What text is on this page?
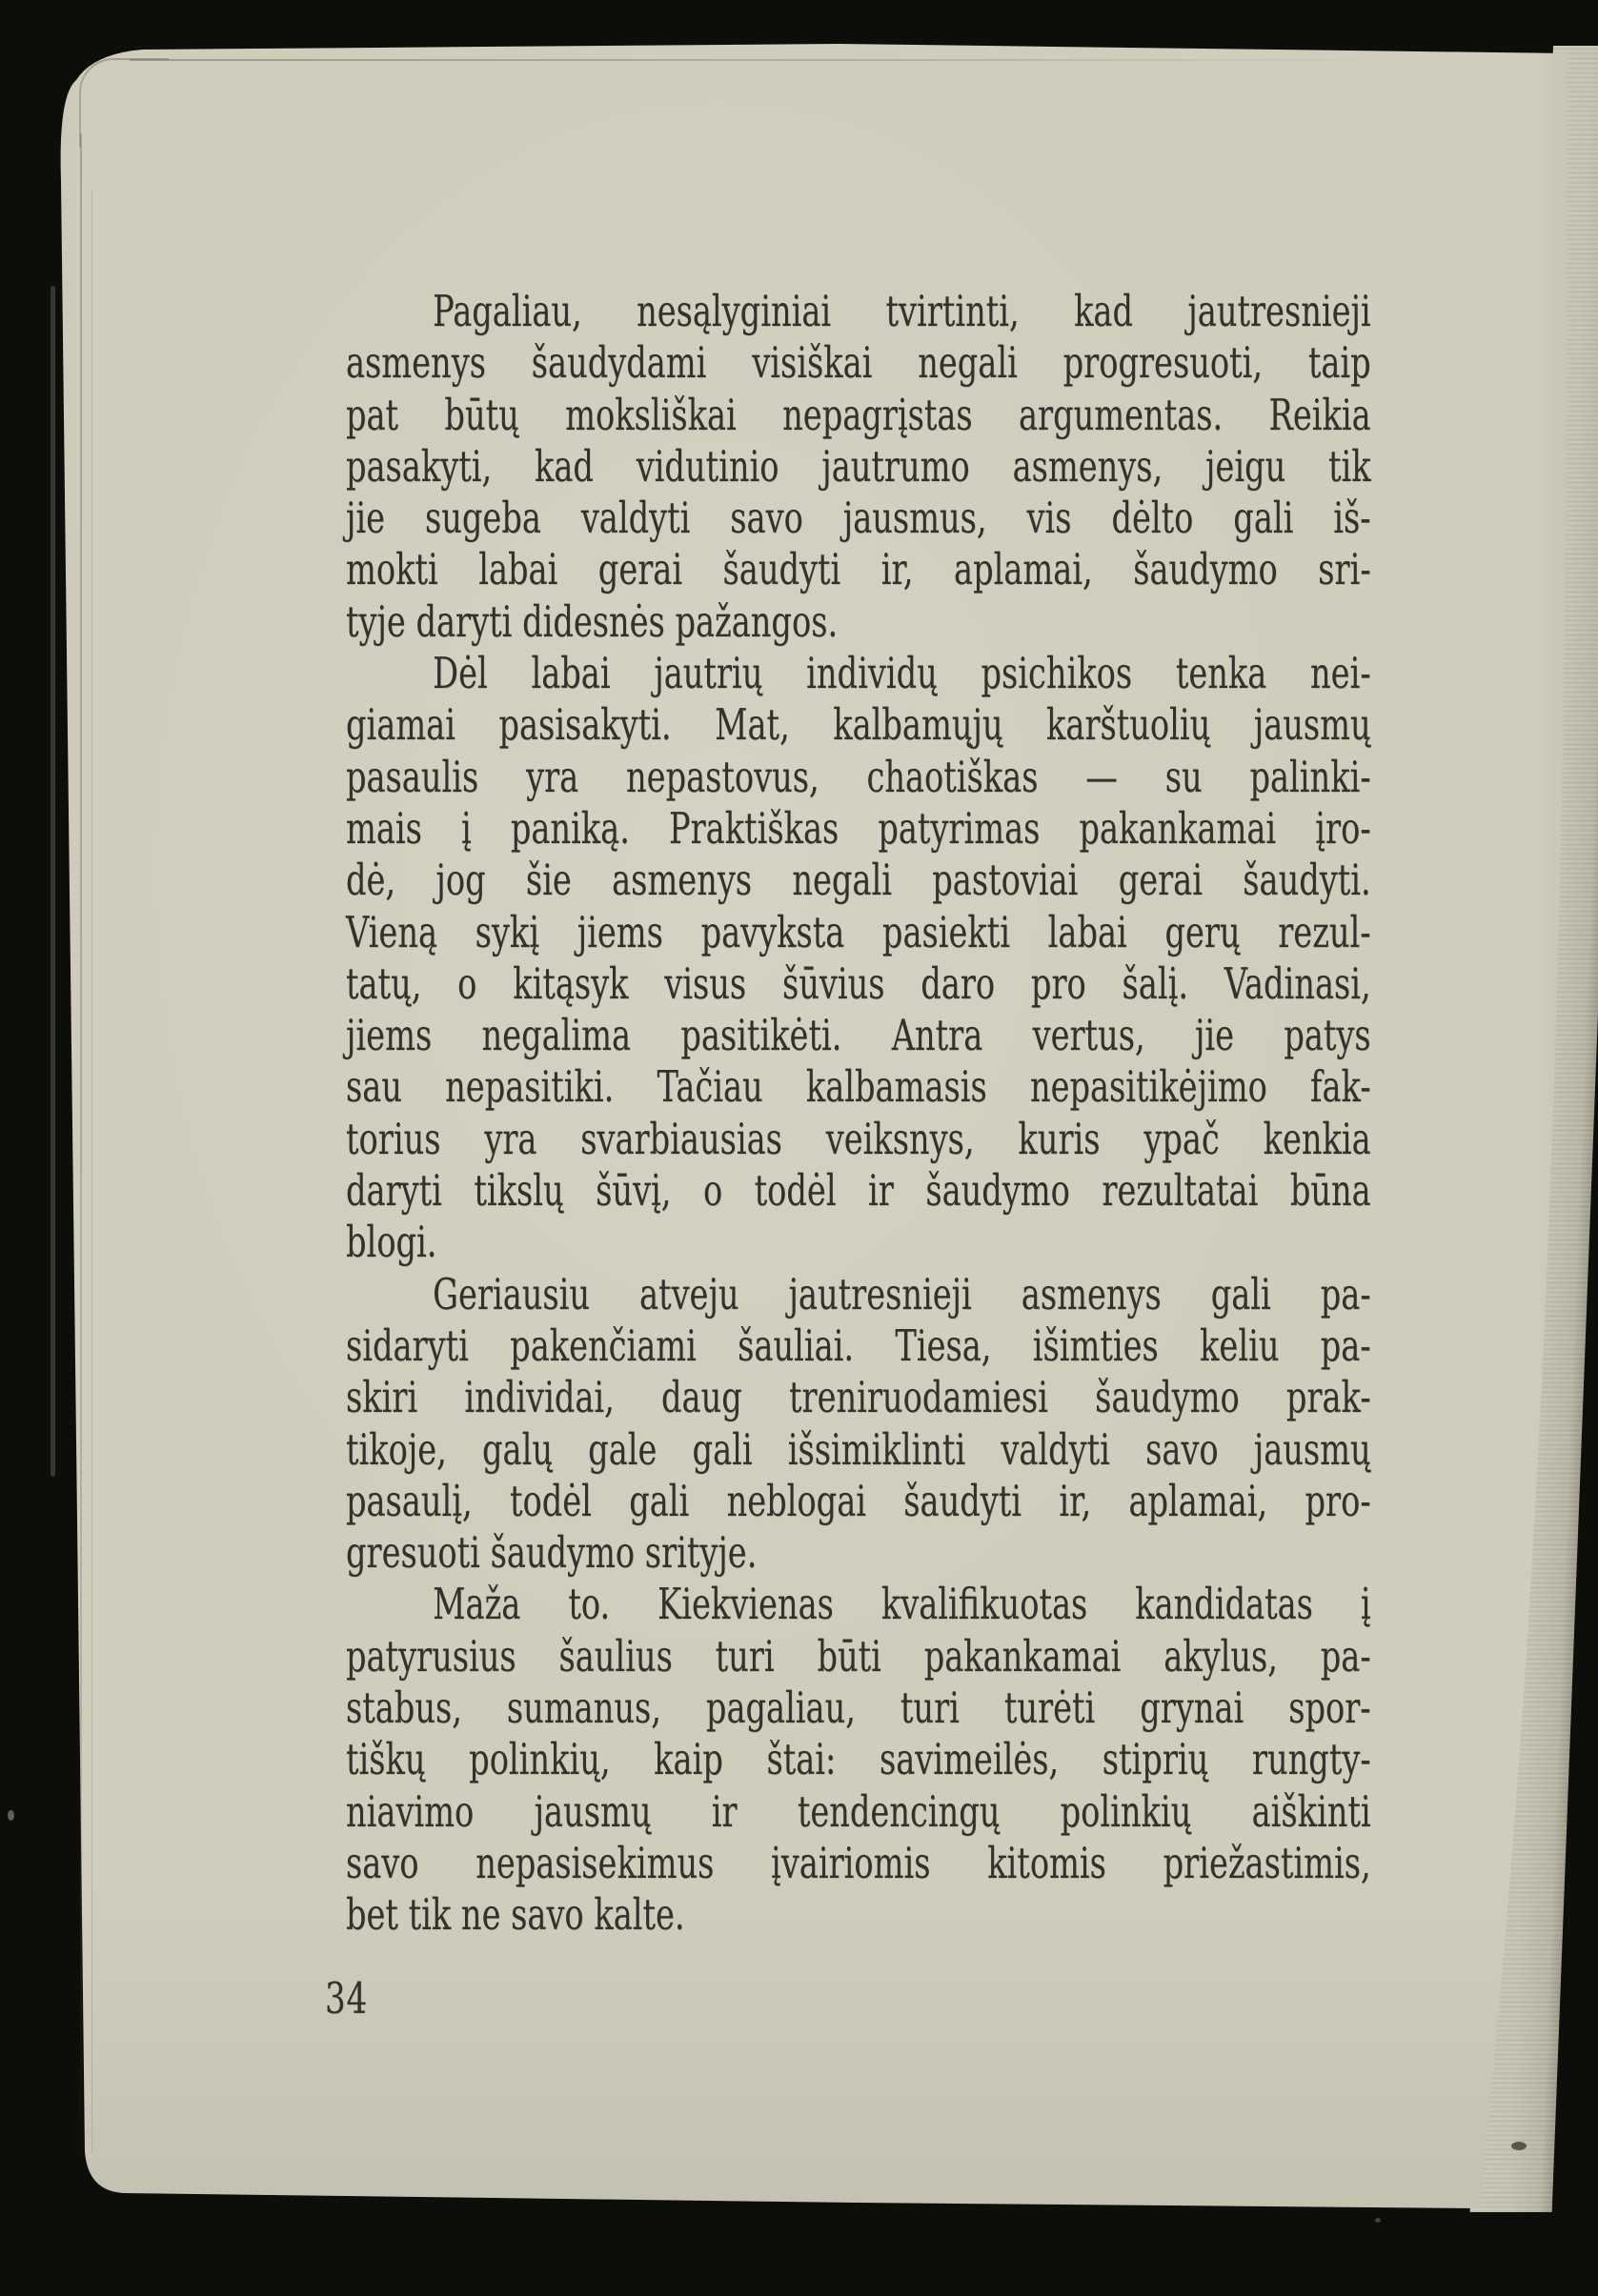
Pagaliau, nesąlyginiai tvirtinti, kad jautresnieji
asmenys šaudydami visiškai negali progresuoti, taip
pat būtų moksliškai nepagrįstas argumentas. Reikia
pasakyti, kad vidutinio jautrumo asmenys, jeigu tik
jie sugeba valdyti savo jausmus, vis dėlto gali iš-
mokti labai gerai šaudyti ir, aplamai, šaudymo sri-
tyje daryti didesnės pažangos.
Dėl labai jautrių individų psichikos tenka nei-
giamai pasisakyti. Mat, kalbamųjų karštuolių jausmų
pasaulis yra nepastovus, chaotiškas — su palinki-
mais į paniką. Praktiškas patyrimas pakankamai įro-
dė, jog šie asmenys negali pastoviai gerai šaudyti.
Vieną sykį jiems pavyksta pasiekti labai gerų rezul-
tatų, o kitąsyk visus šūvius daro pro šalį. Vadinasi,
jiems negalima pasitikėti. Antra vertus, jie patys
sau nepasitiki. Tačiau kalbamasis nepasitikėjimo fak-
torius yra svarbiausias veiksnys, kuris ypač kenkia
daryti tikslų šūvį, o todėl ir šaudymo rezultatai būna
blogi.
Geriausiu atveju jautresnieji asmenys gali pa-
sidaryti pakenčiami šauliai. Tiesa, išimties keliu pa-
skiri individai, daug treniruodamiesi šaudymo prak-
tikoje, galų gale gali išsimiklinti valdyti savo jausmų
pasaulį, todėl gali neblogai šaudyti ir, aplamai, pro-
gresuoti šaudymo srityje.
Maža to. Kiekvienas kvalifikuotas kandidatas į
patyrusius šaulius turi būti pakankamai akylus, pa-
stabus, sumanus, pagaliau, turi turėti grynai spor-
tiškų polinkių, kaip štai: savimeilės, stiprių rungty-
niavimo jausmų ir tendencingų polinkių aiškinti
savo nepasisekimus įvairiomis kitomis priežastimis,
bet tik ne savo kalte.
34
